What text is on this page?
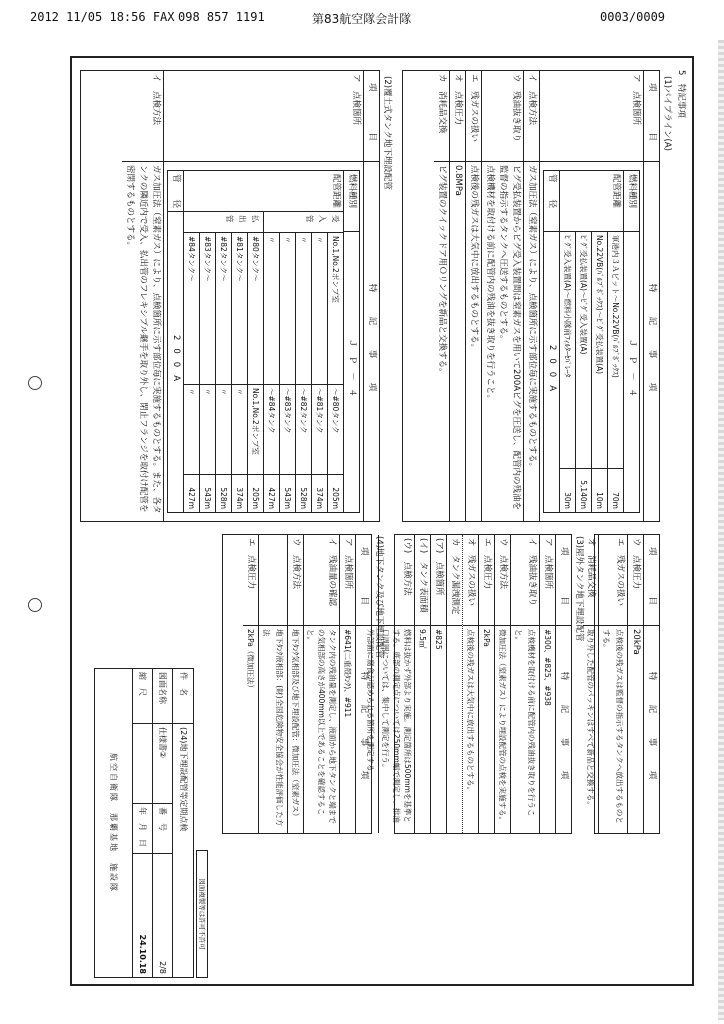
2012 11/05 18:56 FAX 098 857 1191	第83航空隊会計隊	0003/0009
5　特記事項
(1)パイプライン(A)
項　　目
特　記　事　項
ア　点検箇所
燃料種別
ＪＰ－４
配管距離
軍港内３Ａピット～No.22VB(ﾊﾞﾙﾌﾞﾎﾞｯｸｽ)
70m
No.22VB(ﾊﾞﾙﾌﾞﾎﾞｯｸｽ)～ﾋﾞｸﾞ受払装置(A)
10m
ﾋﾞｸﾞ受払装置(A)～ﾋﾞｸﾞ受入装置(A)
5,140m
ﾋﾞｸﾞ受入装置(A)～燃料小隊前ﾌｨﾙﾀｰｾﾊﾟﾚｰﾀ
30m
管　　径
200A
イ　点検方法
ガス加圧法（窒素ガス）により、点検箇所に示す部位毎に実施するものとする。
ウ　残油抜き取り
ピグ受払装置からピグ受入装置間は窒素ガスを用いて200Aピグを圧送し、配管内の残油を監督の指示するタンクへ圧送するものとする。
点検機材を取付ける前に配管内の残油を抜き取りを行うこと。
エ　残ガスの扱い
点検後の残ガスは大気中に放出するものとする。
オ　点検圧力
0.8MPa
カ　消耗品交換
ピグ装置のクイックドア用Ｏリングを新品と交換する。
(2)覆土式タンク地下埋設配管
項　　目
特　記　事　項
ア　点検箇所
燃料種別
ＪＰ－４
配管距離
受入管
No.1,No.2ポンプ室
～#80タンク
205m
〃
～#81タンク
374m
〃
～#82タンク
528m
〃
～#83タンク
543m
〃
～#84タンク
427m
払出管
#80タンク～
No.1,No.2ポンプ室
205m
#81タンク～
〃
374m
#82タンク～
〃
528m
#83タンク～
〃
543m
#84タンク～
〃
427m
管　　径
200A
イ　点検方法
ガス加圧法（窒素ガス）により、点検箇所に示す部位毎に実施するものとする。また、各タンクの隣近内で受入、払出管のフレキシブル継手を取り外し、閉止フランジを取付け配管を密閉するものとする。
項　　目
特　記　事　項
ウ　点検圧力
20kPa
エ　残ガスの扱い
点検後の残ガスは監督の指示するタンクへ放出するものとする。
オ　消耗品交換
取り外した配管のパッキンはすべて新品と交換する。
(3)屋外タンク地下埋設配管
項　　目
特　記　事　項
ア　点検箇所
#300、#825、#938
イ　残油抜き取り
点検機材を取付ける前に配管内の残油抜き取りを行うこと。
ウ　点検方法
微加圧法（窒素ガス）により埋設配管の点検を実施する。
エ　点検圧力
2kPa
オ　残ガスの扱い
点検後の残ガスは大気中に放出するものとする。
カ　タンク漏洩測定
(ア)　点検箇所
#825
(イ)　タンク表面積
9.5㎡
(ウ)　点検方法
燃料は抜かず外部より実施。測定箇所は500mmを基準とする。底部の測定点については250mm幅で測定し、排油口周囲については、集中して測定を行う。
外部面に腐食が認められる箇所を測定する。
(4)地下タンク及び地下埋設配管
項　　目
特　記　事　項
ア　点検箇所
#641(二重殻ﾀﾝｸ)、#911
イ　残油量の確認
タンク内の残油量を測定し、液面から地下タンクと端までの気相部の高さが400mm以上であることを確認すること。
ウ　点検方法
地下ﾀﾝｸ気相部及び地下埋設配管：微加圧法（窒素ガス）
地下ﾀﾝｸ液相部：(財)全国危険物安全協会が性能評価した方法
エ　点検圧力
2kPa（微加圧法）
図面複製等は許可不許可
件　名
(24)地下埋設配管等定期点検
図面名称
仕様書②
番　号
2/8
縮　尺
年　月　日
24.10.18
航空自衛隊　那覇基地　施設隊
